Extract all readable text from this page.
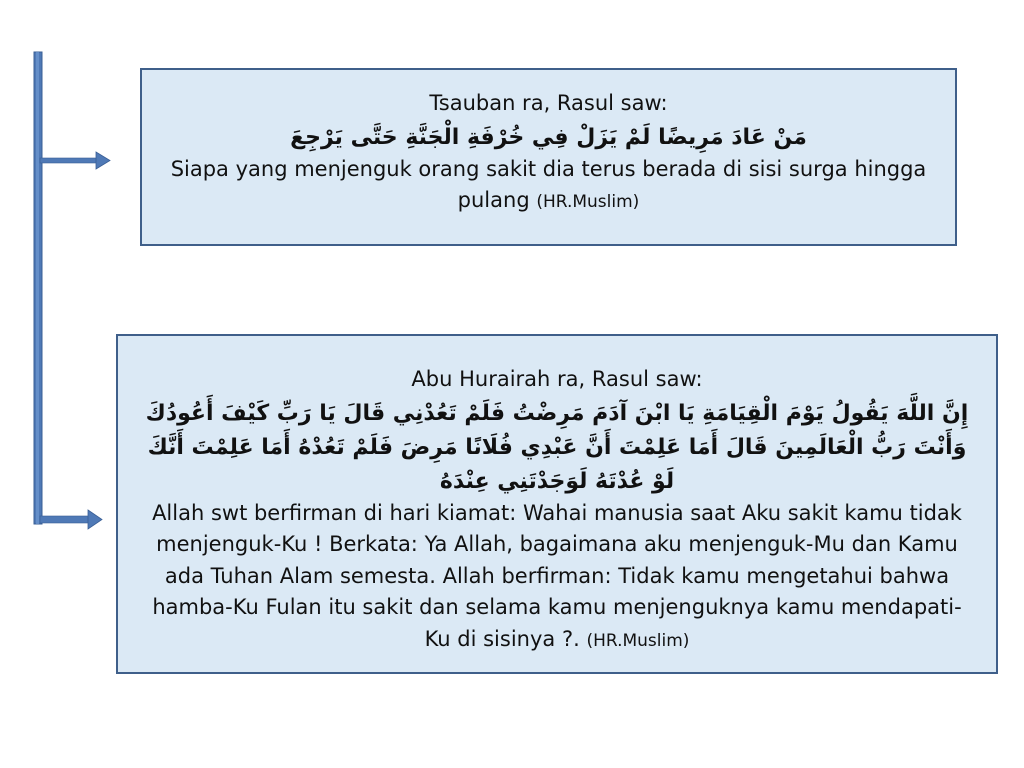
Tsauban ra, Rasul saw:
مَنْ عَادَ مَرِيضًا لَمْ يَزَلْ فِي خُرْفَةِ الْجَنَّةِ حَتَّى يَرْجِعَ
Siapa yang menjenguk orang sakit dia terus berada di sisi surga hingga pulang (HR.Muslim)
Abu Hurairah ra, Rasul saw:
إِنَّ اللَّهَ يَقُولُ يَوْمَ الْقِيَامَةِ يَا ابْنَ آدَمَ مَرِضْتُ فَلَمْ تَعُدْنِي قَالَ يَا رَبِّ كَيْفَ أَعُودُكَ وَأَنْتَ رَبُّ الْعَالَمِينَ قَالَ أَمَا عَلِمْتَ أَنَّ عَبْدِي فُلَانًا مَرِضَ فَلَمْ تَعُدْهُ أَمَا عَلِمْتَ أَنَّكَ لَوْ عُدْتَهُ لَوَجَدْتَنِي عِنْدَهُ
Allah swt berfirman di hari kiamat: Wahai manusia saat Aku sakit kamu tidak menjenguk-Ku ! Berkata: Ya Allah, bagaimana aku menjenguk-Mu dan Kamu ada Tuhan Alam semesta. Allah berfirman: Tidak kamu mengetahui bahwa hamba-Ku Fulan itu sakit dan selama kamu menjenguknya kamu mendapati-Ku di sisinya ?. (HR.Muslim)
